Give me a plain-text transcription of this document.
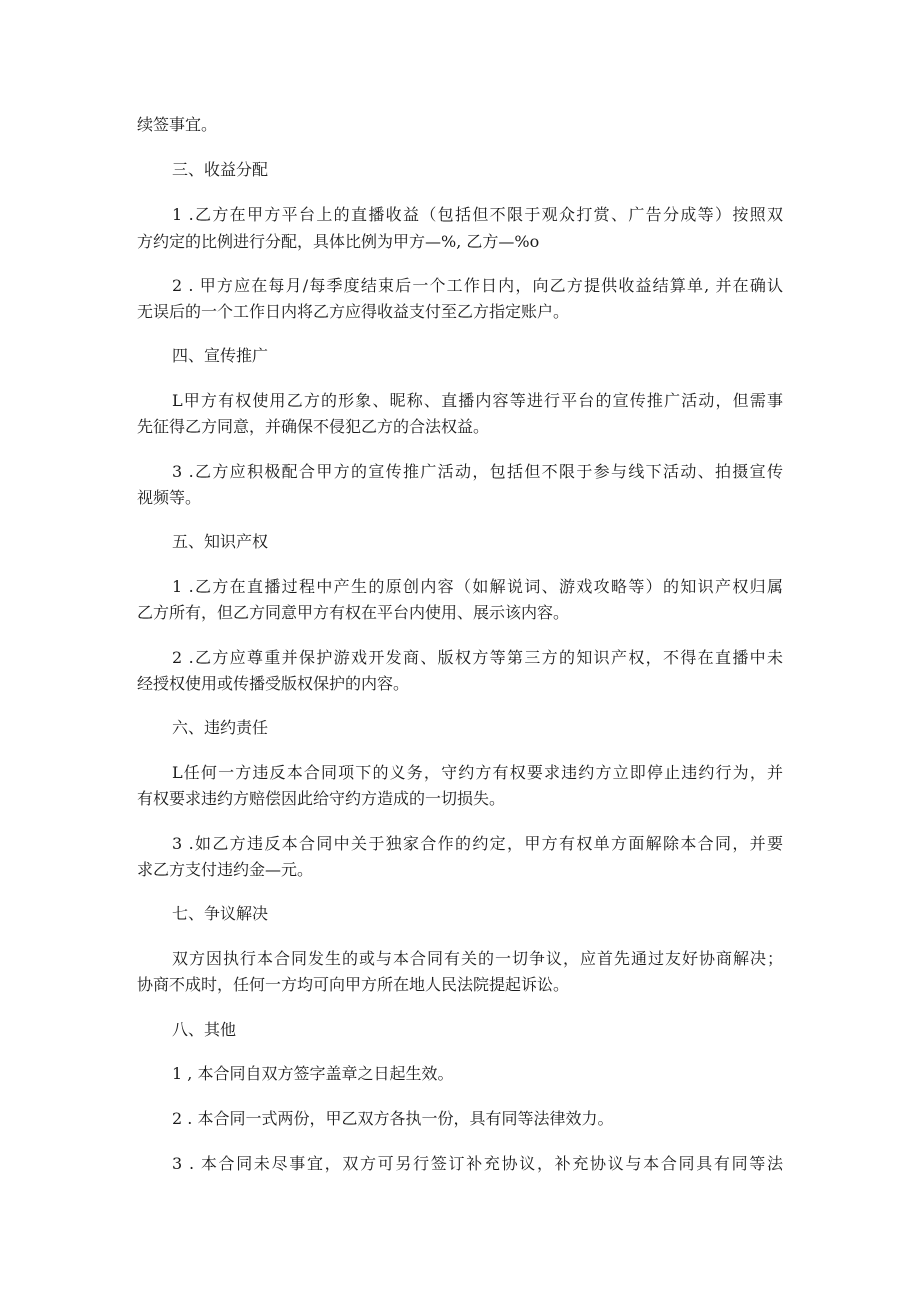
续签事宜。
三、收益分配
1 .乙方在甲方平台上的直播收益（包括但不限于观众打赏、广告分成等）按照双
方约定的比例进行分配，具体比例为甲方—%, 乙方—%o
2 . 甲方应在每月/每季度结束后一个工作日内，向乙方提供收益结算单, 并在确认
无误后的一个工作日内将乙方应得收益支付至乙方指定账户。
四、宣传推广
L甲方有权使用乙方的形象、昵称、直播内容等进行平台的宣传推广活动，但需事
先征得乙方同意，并确保不侵犯乙方的合法权益。
3 .乙方应积极配合甲方的宣传推广活动，包括但不限于参与线下活动、拍摄宣传
视频等。
五、知识产权
1 .乙方在直播过程中产生的原创内容（如解说词、游戏攻略等）的知识产权归属
乙方所有，但乙方同意甲方有权在平台内使用、展示该内容。
2 .乙方应尊重并保护游戏开发商、版权方等第三方的知识产权，不得在直播中未
经授权使用或传播受版权保护的内容。
六、违约责任
L任何一方违反本合同项下的义务，守约方有权要求违约方立即停止违约行为，并
有权要求违约方赔偿因此给守约方造成的一切损失。
3 .如乙方违反本合同中关于独家合作的约定，甲方有权单方面解除本合同，并要
求乙方支付违约金—元。
七、争议解决
双方因执行本合同发生的或与本合同有关的一切争议，应首先通过友好协商解决；
协商不成时，任何一方均可向甲方所在地人民法院提起诉讼。
八、其他
1 , 本合同自双方签字盖章之日起生效。
2 . 本合同一式两份，甲乙双方各执一份，具有同等法律效力。
3 . 本合同未尽事宜，双方可另行签订补充协议，补充协议与本合同具有同等法
